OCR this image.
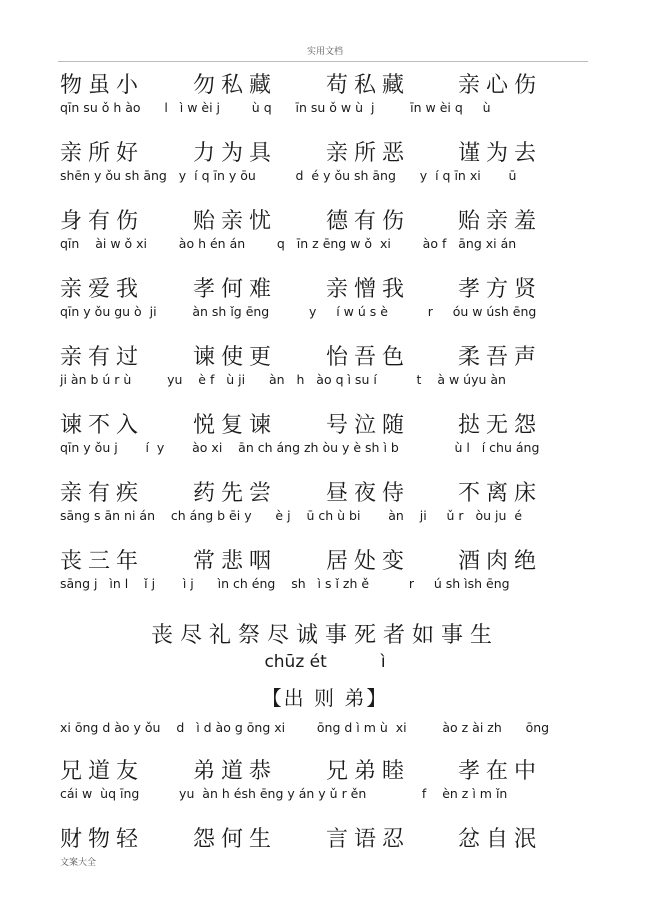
实用文档
物虽小 勿私藏 苟私藏 亲心伤
qīn su ǒ h ào      l   ì w èi j        ù q      īn su ǒ w ù  j         īn w èi q     ù
亲所好 力为具 亲所恶 谨为去
shēn y ǒu sh āng   y  í q īn y ōu          d  é y ǒu sh āng      y  í q īn xi       ū
身有伤 贻亲忧 德有伤 贻亲羞
qīn    ài w ǒ xi        ào h én án        q   īn z ēng w ǒ  xi        ào f   āng xi án
亲爱我 孝何难 亲憎我 孝方贤
qīn y ǒu gu ò  ji         àn sh ǐg ēng          y     í w ú s è          r     óu w úsh ēng
亲有过 谏使更 怡吾色 柔吾声
ji àn b ú r ù         yu    è f   ù ji      àn   h   ào q ì su í          t    à w úyu àn
谏不入 悦复谏 号泣随 挞无怨
qīn y ǒu j       í  y       ào xi    ān ch áng zh òu y è sh ì b              ù l   í chu áng
亲有疾 药先尝 昼夜侍 不离床
sāng s ān ni án    ch áng b ēi y      è j    ū ch ù bi       àn    ji     ǔ r   òu ju  é
丧三年 常悲咽 居处变 酒肉绝
sāng j   ìn l    ǐ j       ì j      ìn ch éng    sh   ì s ǐ zh ě          r     ú sh ìsh ēng
丧尽礼祭尽诚事死者如事生
chūz ét          ì
【出 则 弟】
xi ōng d ào y ǒu    d   ì d ào g ōng xi        ōng d ì m ù  xi         ào z ài zh      ōng
兄道友 弟道恭 兄弟睦 孝在中
cái w  ùq īng          yu  àn h ésh ēng y án y ǔ r ěn              f    èn z ì m ǐn
财物轻 怨何生 言语忍 忿自泯
文案大全
